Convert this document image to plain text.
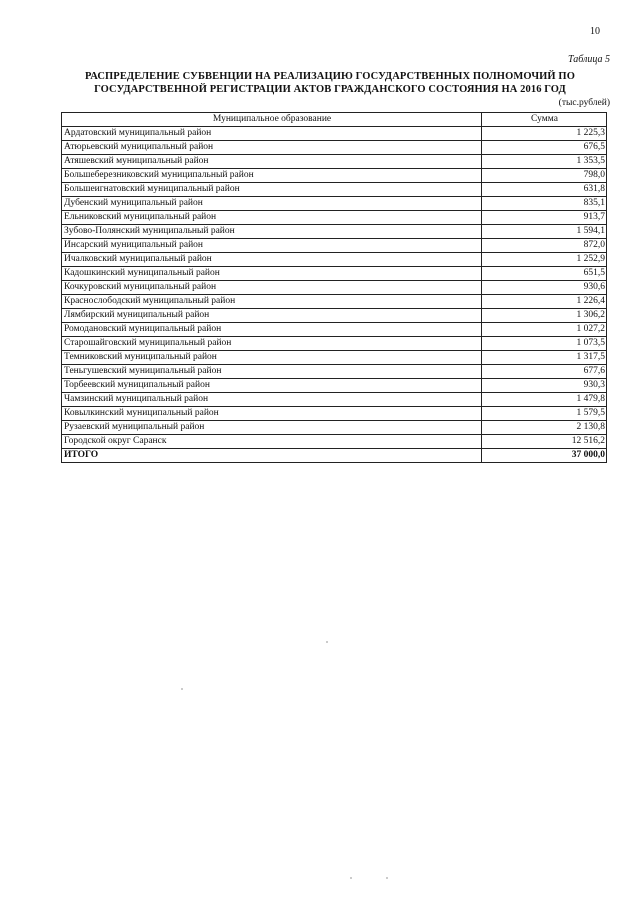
10
Таблица 5
РАСПРЕДЕЛЕНИЕ СУБВЕНЦИИ НА РЕАЛИЗАЦИЮ ГОСУДАРСТВЕННЫХ ПОЛНОМОЧИЙ ПО
ГОСУДАРСТВЕННОЙ РЕГИСТРАЦИИ АКТОВ ГРАЖДАНСКОГО СОСТОЯНИЯ НА 2016 ГОД
(тыс.рублей)
Муниципальное образование	Сумма
Ардатовский муниципальный район	1 225,3
Атюрьевский муниципальный район	676,5
Атяшевский муниципальный район	1 353,5
Большеберезниковский муниципальный район	798,0
Большеигнатовский муниципальный район	631,8
Дубенский муниципальный район	835,1
Ельниковский муниципальный район	913,7
Зубово-Полянский муниципальный район	1 594,1
Инсарский муниципальный район	872,0
Ичалковский муниципальный район	1 252,9
Кадошкинский муниципальный район	651,5
Кочкуровский муниципальный район	930,6
Краснослободский муниципальный район	1 226,4
Лямбирский муниципальный район	1 306,2
Ромодановский муниципальный район	1 027,2
Старошайговский муниципальный район	1 073,5
Темниковский муниципальный район	1 317,5
Теньгушевский муниципальный район	677,6
Торбеевский муниципальный район	930,3
Чамзинский муниципальный район	1 479,8
Ковылкинский муниципальный район	1 579,5
Рузаевский муниципальный район	2 130,8
Городской округ Саранск	12 516,2
ИТОГО	37 000,0
